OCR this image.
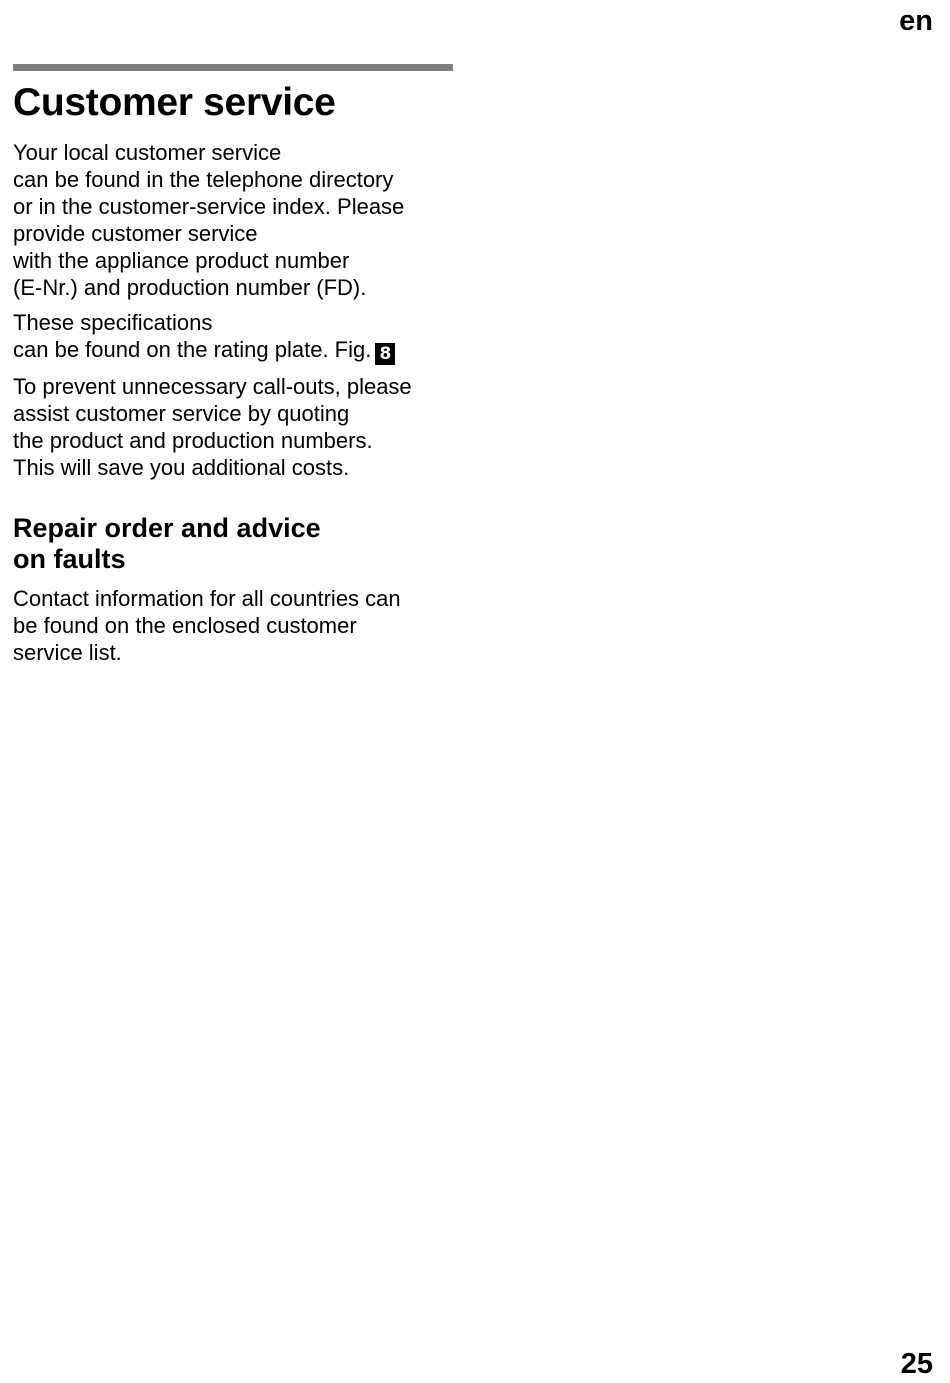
en
Customer service

Your local customer service
can be found in the telephone directory
or in the customer-service index. Please
provide customer service
with the appliance product number
(E-Nr.) and production number (FD).

These specifications
can be found on the rating plate. Fig. 8

To prevent unnecessary call-outs, please
assist customer service by quoting
the product and production numbers.
This will save you additional costs.

Repair order and advice
on faults

Contact information for all countries can
be found on the enclosed customer
service list.

25
